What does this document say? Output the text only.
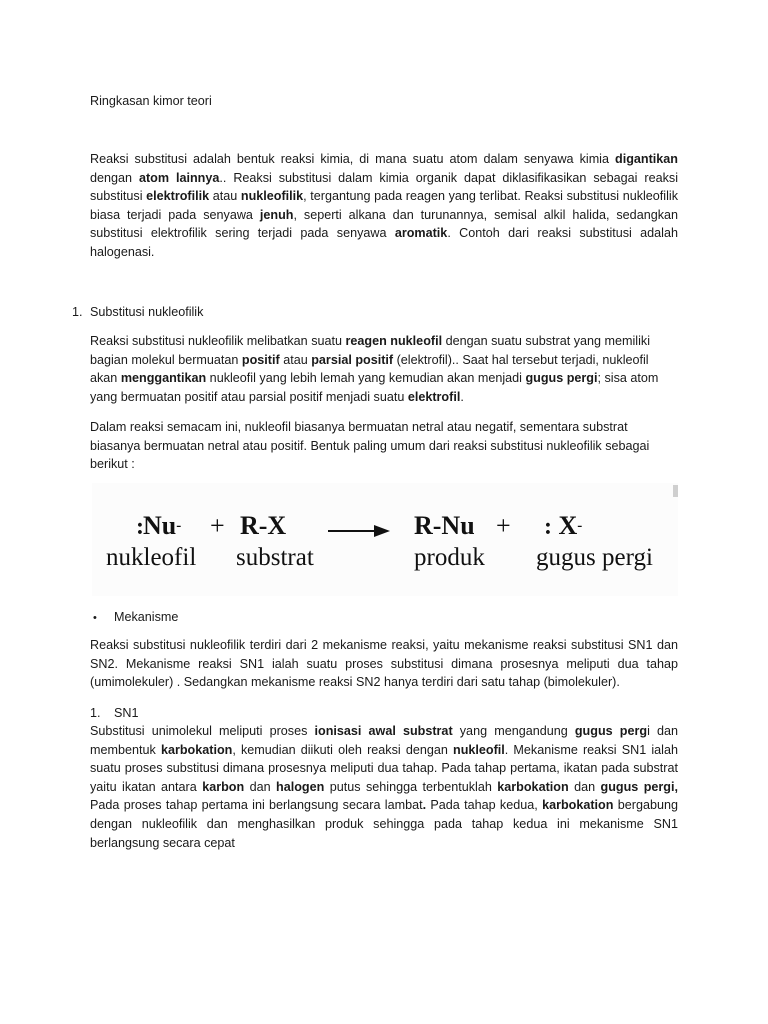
Ringkasan kimor teori

Reaksi substitusi adalah bentuk reaksi kimia, di mana suatu atom dalam senyawa kimia digantikan dengan atom lainnya.. Reaksi substitusi dalam kimia organik dapat diklasifikasikan sebagai reaksi substitusi elektrofilik atau nukleofilik, tergantung pada reagen yang terlibat. Reaksi substitusi nukleofilik biasa terjadi pada senyawa jenuh, seperti alkana dan turunannya, semisal alkil halida, sedangkan substitusi elektrofilik sering terjadi pada senyawa aromatik. Contoh dari reaksi substitusi adalah halogenasi.

1. Substitusi nukleofilik

Reaksi substitusi nukleofilik melibatkan suatu reagen nukleofil dengan suatu substrat yang memiliki bagian molekul bermuatan positif atau parsial positif (elektrofil).. Saat hal tersebut terjadi, nukleofil akan menggantikan nukleofil yang lebih lemah yang kemudian akan menjadi gugus pergi; sisa atom yang bermuatan positif atau parsial positif menjadi suatu elektrofil.

Dalam reaksi semacam ini, nukleofil biasanya bermuatan netral atau negatif, sementara substrat biasanya bermuatan netral atau positif. Bentuk paling umum dari reaksi substitusi nukleofilik sebagai berikut :

:Nu- + R-X	R-Nu + : X-
nukleofil substrat	produk gugus pergi
• Mekanisme

Reaksi substitusi nukleofilik terdiri dari 2 mekanisme reaksi, yaitu mekanisme reaksi substitusi SN1 dan SN2. Mekanisme reaksi SN1 ialah suatu proses substitusi dimana prosesnya meliputi dua tahap (umimolekuler) . Sedangkan mekanisme reaksi SN2 hanya terdiri dari satu tahap (bimolekuler).

1.	SN1

Substitusi unimolekul meliputi proses ionisasi awal substrat yang mengandung gugus pergi dan membentuk karbokation, kemudian diikuti oleh reaksi dengan nukleofil. Mekanisme reaksi SN1 ialah suatu proses substitusi dimana prosesnya meliputi dua tahap. Pada tahap pertama, ikatan pada substrat yaitu ikatan antara karbon dan halogen putus sehingga terbentuklah karbokation dan gugus pergi, Pada proses tahap pertama ini berlangsung secara lambat. Pada tahap kedua, karbokation bergabung dengan nukleofilik dan menghasilkan produk sehingga pada tahap kedua ini mekanisme SN1 berlangsung secara cepat
